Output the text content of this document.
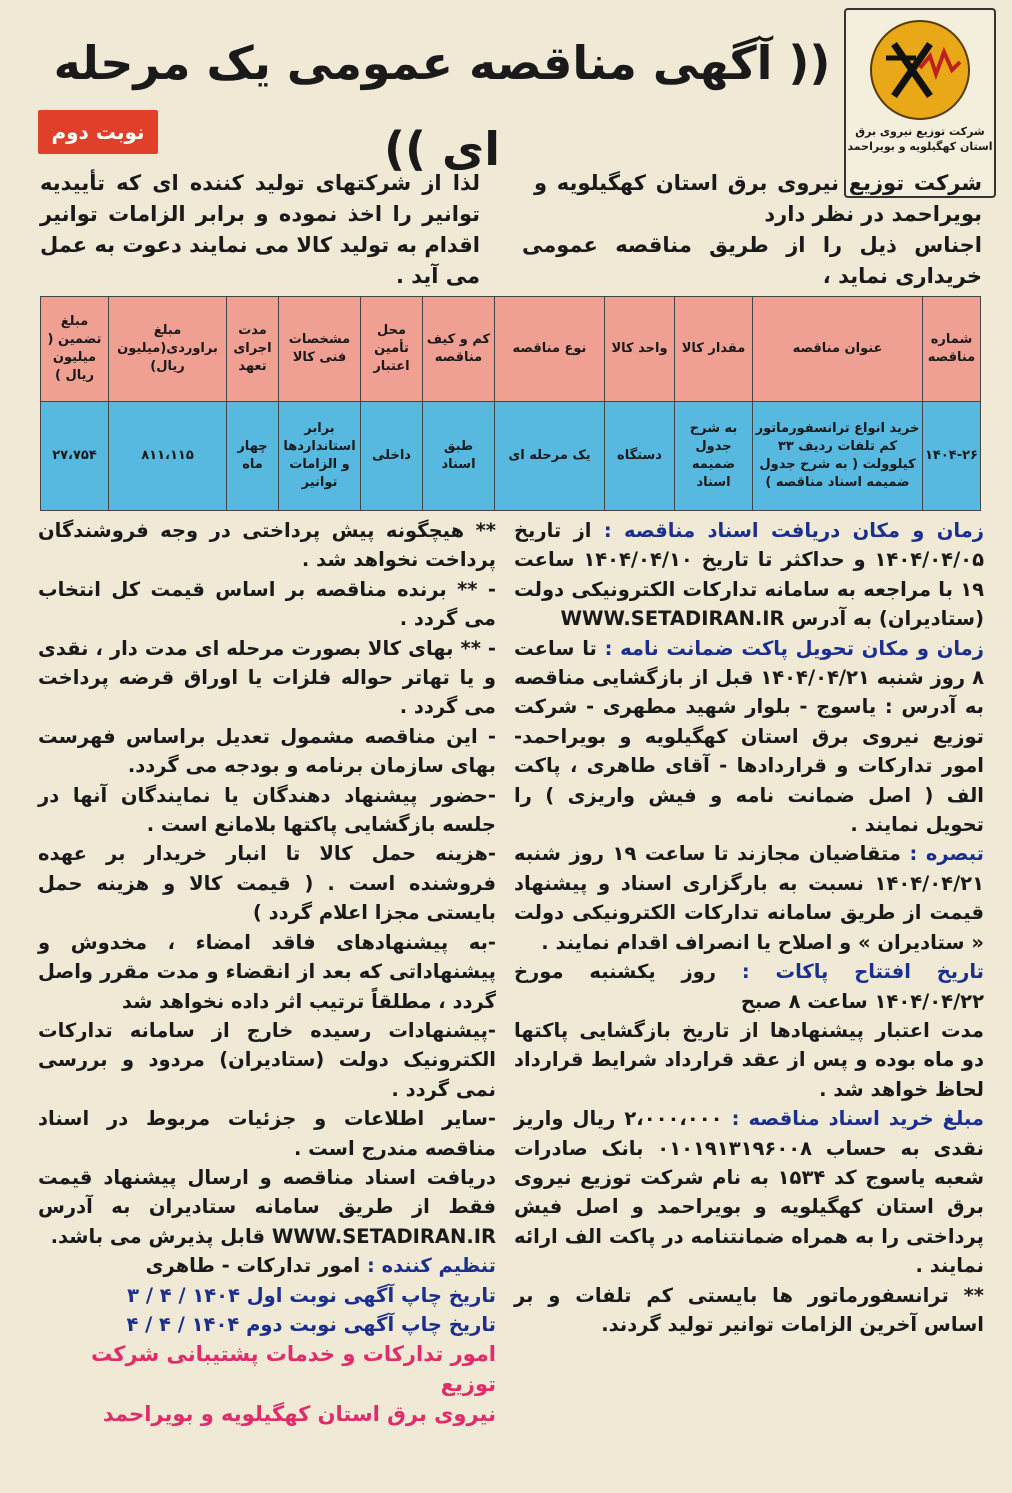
شرکت توزیع نیروی برق استان کهگیلویه و بویراحمد
(( آگهی مناقصه عمومی یک مرحله ای ))
نوبت دوم
شرکت توزیع نیروی برق استان کهگیلویه و بویراحمد در نظر دارد
لذا از شرکتهای تولید کننده ای که تأییدیه توانیر را اخذ نموده و برابر الزامات توانیر اقدام به تولید کالا می نمایند دعوت به عمل می آید .
اجناس ذیل را از طریق مناقصه عمومی خریداری نماید ،
شماره مناقصه	عنوان مناقصه	مقدار کالا	واحد کالا	نوع مناقصه	کم و کیف مناقصه	محل تأمین اعتبار	مشخصات فنی کالا	مدت اجرای تعهد	مبلغ براوردی(میلیون ریال)	مبلغ تضمین ( میلیون ریال )
۱۴۰۴-۲۶	خرید انواع ترانسفورماتور کم تلفات ردیف ۳۳ کیلوولت ( به شرح جدول ضمیمه اسناد مناقصه )	به شرح جدول ضمیمه اسناد	دستگاه	یک مرحله ای	طبق اسناد	داخلی	برابر استانداردها و الزامات توانیر	چهار ماه	۸۱۱،۱۱۵	۲۷،۷۵۴

زمان و مکان دریافت اسناد مناقصه : از تاریخ ۱۴۰۴/۰۴/۰۵ و حداکثر تا تاریخ ۱۴۰۴/۰۴/۱۰ ساعت ۱۹ با مراجعه به سامانه تدارکات الکترونیکی دولت (ستادیران) به آدرس WWW.SETADIRAN.IR

زمان و مکان تحویل پاکت ضمانت نامه : تا ساعت ۸ روز شنبه ۱۴۰۴/۰۴/۲۱ قبل از بازگشایی مناقصه به آدرس : یاسوج - بلوار شهید مطهری - شرکت توزیع نیروی برق استان کهگیلویه و بویراحمد- امور تدارکات و قراردادها - آقای طاهری ، پاکت الف ( اصل ضمانت نامه و فیش واریزی ) را تحویل نمایند .

تبصره : متقاضیان مجازند تا ساعت ۱۹ روز شنبه ۱۴۰۴/۰۴/۲۱ نسبت به بارگزاری اسناد و پیشنهاد قیمت از طریق سامانه تدارکات الکترونیکی دولت « ستادیران » و اصلاح یا انصراف اقدام نمایند .

تاریخ افتتاح پاکات : روز یکشنبه مورخ ۱۴۰۴/۰۴/۲۲ ساعت ۸ صبح

مدت اعتبار پیشنهادها از تاریخ بازگشایی پاکتها دو ماه بوده و پس از عقد قرارداد شرایط قرارداد لحاظ خواهد شد .

مبلغ خرید اسناد مناقصه : ۲،۰۰۰،۰۰۰ ریال واریز نقدی به حساب ۰۱۰۱۹۱۳۱۹۶۰۰۸ بانک صادرات شعبه یاسوج کد ۱۵۳۴ به نام شرکت توزیع نیروی برق استان کهگیلویه و بویراحمد و اصل فیش پرداختی را به همراه ضمانتنامه در پاکت الف ارائه نمایند .

** ترانسفورماتور ها بایستی کم تلفات و بر اساس آخرین الزامات توانیر تولید گردند.

** هیچگونه پیش پرداختی در وجه فروشندگان پرداخت نخواهد شد .

- ** برنده مناقصه بر اساس قیمت کل انتخاب می گردد .

- ** بهای کالا بصورت مرحله ای مدت دار ، نقدی و یا تهاتر حواله فلزات یا اوراق قرضه پرداخت می گردد .

- این مناقصه مشمول تعدیل براساس فهرست بهای سازمان برنامه و بودجه می گردد.

-حضور پیشنهاد دهندگان یا نمایندگان آنها در جلسه بازگشایی پاکتها بلامانع است .

-هزینه حمل کالا تا انبار خریدار بر عهده فروشنده است . ( قیمت کالا و هزینه حمل بایستی مجزا اعلام گردد )

-به پیشنهادهای فاقد امضاء ، مخدوش و پیشنهاداتی که بعد از انقضاء و مدت مقرر واصل گردد ، مطلقاً ترتیب اثر داده نخواهد شد

-پیشنهادات رسیده خارج از سامانه تدارکات الکترونیک دولت (ستادیران) مردود و بررسی نمی گردد .

-سایر اطلاعات و جزئیات مربوط در اسناد مناقصه مندرج است .

دریافت اسناد مناقصه و ارسال پیشنهاد قیمت فقط از طریق سامانه ستادیران به آدرس WWW.SETADIRAN.IR قابل پذیرش می باشد.

تنظیم کننده : امور تدارکات - طاهری

تاریخ چاپ آگهی نوبت اول ۱۴۰۴ / ۴ / ۳

تاریخ چاپ آگهی نوبت دوم ۱۴۰۴ / ۴ / ۴

امور تدارکات و خدمات پشتیبانی شرکت توزیع
نیروی برق استان کهگیلویه و بویراحمد
